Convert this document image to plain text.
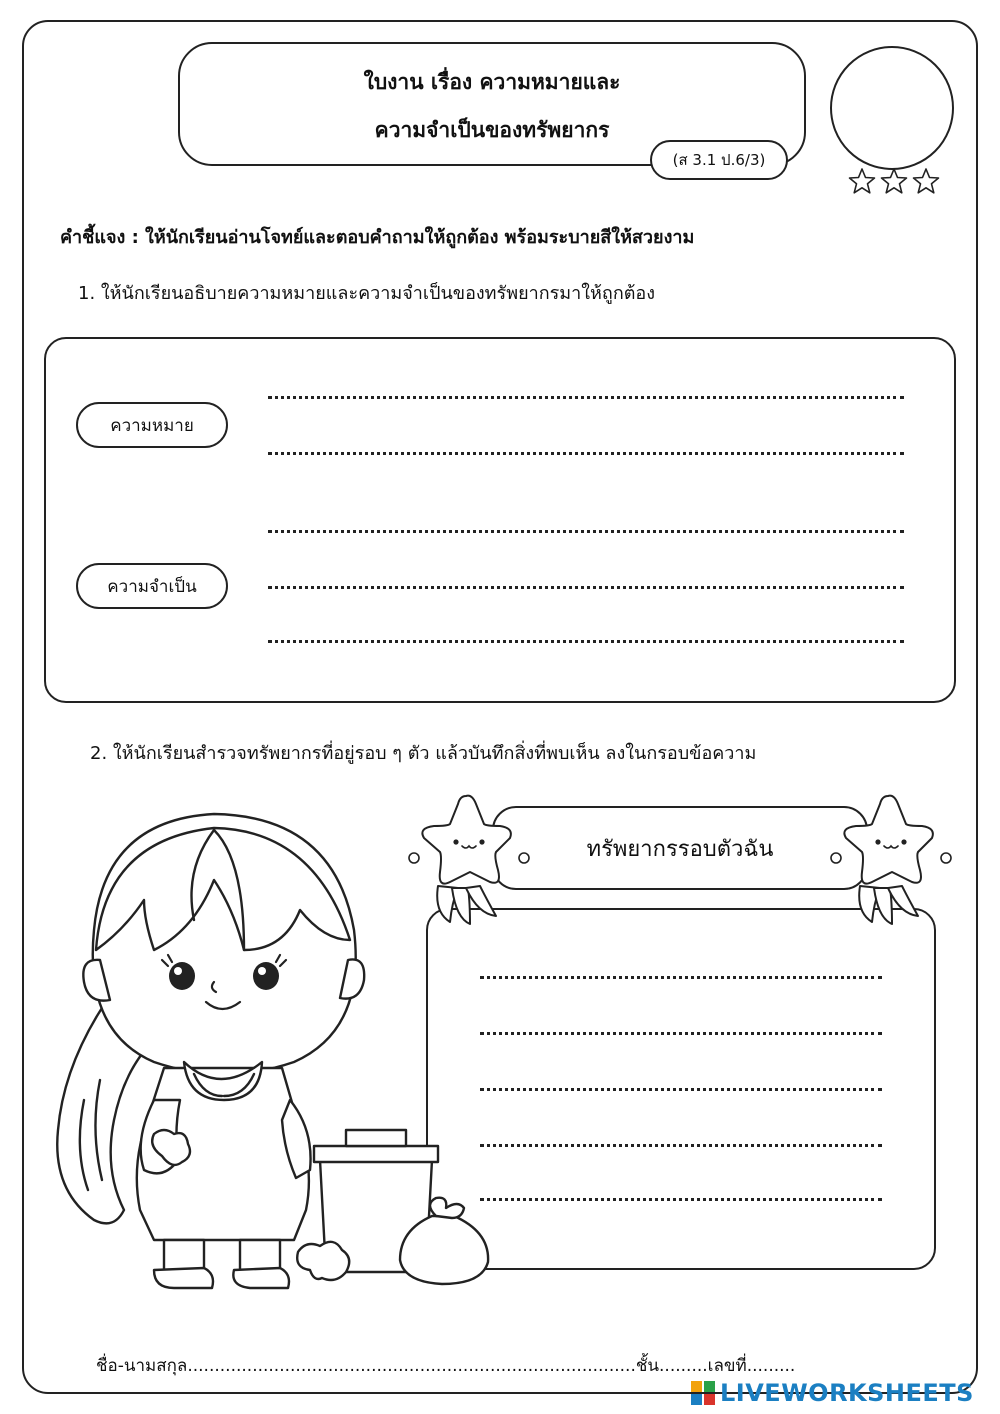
ใบงาน เรื่อง ความหมายและ
ความจำเป็นของทรัพยากร
(ส 3.1 ป.6/3)
คำชี้แจง : ให้นักเรียนอ่านโจทย์และตอบคำถามให้ถูกต้อง พร้อมระบายสีให้สวยงาม
1. ให้นักเรียนอธิบายความหมายและความจำเป็นของทรัพยากรมาให้ถูกต้อง
ความหมาย
ความจำเป็น
2. ให้นักเรียนสำรวจทรัพยากรที่อยู่รอบ ๆ ตัว แล้วบันทึกสิ่งที่พบเห็น ลงในกรอบข้อความ
ทรัพยากรรอบตัวฉัน
ชื่อ-นามสกุล...................................................................................ชั้น.........เลขที่.........
LIVEWORKSHEETS
